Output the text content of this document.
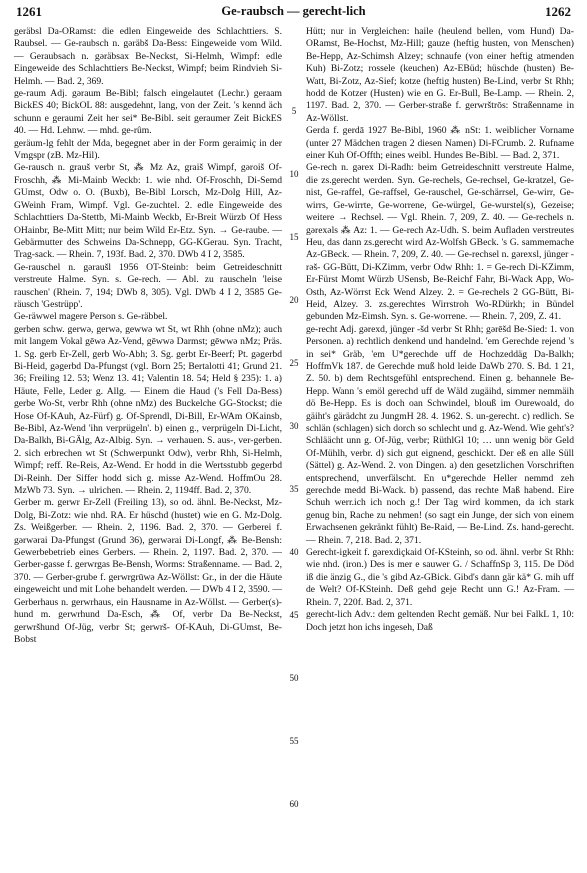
1261	Ge-raubsch — gerecht-lich	1262

geräbsl Da-ORamst: die edlen Eingeweide des Schlachttiers. S. Raubsel. — Ge-raubsch n. gəräbš Da-Bess: Eingeweide vom Wild. — Geraubsach n. gəräbsax Be-Neckst, Si-Helmh, Wimpf: edle Eingeweide des Schlachttiers Be-Neckst, Wimpf; beim Rindvieh Si-Helmh. — Bad. 2, 369.

ge-raum Adj. gəraum Be-Bibl; falsch eingelautet (Lechr.) geraam BickES 40; BickOL 88: ausgedehnt, lang, von der Zeit. 's kennd äch schunn e geraumi Zeit her sei* Be-Bibl. seit geraumer Zeit BickES 40. — Hd. Lehnw. — mhd. ge-rûm.

geräum-lg fehlt der Mda, begegnet aber in der Form geraimiç in der Vmgspr (zB. Mz-Hil).

Ge-rausch n. grauš verbr St, ⁂ Mz Az, graiš Wimpf, gəroiš Of-Froschh, ⁂ Mi-Mainb Weckb: 1. wie nhd. Of-Froschh, Di-Semd GUmst, Odw o. O. (Buxb), Be-Bibl Lorsch, Mz-Dolg Hill, Az-GWeinh Fram, Wimpf. Vgl. Ge-zuchtel. 2. edle Eingeweide des Schlachttiers Da-Stettb, Mi-Mainb Weckb, Er-Breit Würzb Of Hess OHainbr, Be-Mitt Mitt; nur beim Wild Er-Etz. Syn. → Ge-raube. — Gebärmutter des Schweins Da-Schnepp, GG-KGerau. Syn. Tracht, Trag-sack. — Rhein. 7, 193f. Bad. 2, 370. DWb 4 I 2, 3585.

Ge-rauschel n. gəraušl 1956 OT-Steinb: beim Getreideschnitt verstreute Halme. Syn. s. Ge-rech. — Abl. zu rauscheln 'leise rauschen' (Rhein. 7, 194; DWb 8, 305). Vgl. DWb 4 I 2, 3585 Ge-räusch 'Gestrüpp'.

Ge-räwwel magere Person s. Ge-räbbel.

gerben schw. gerwə, gerwə, gewwə wt St, wt Rhh (ohne nMz); auch mit langem Vokal gēwə Az-Vend, gēwwə Darmst; gēwwə nMz; Präs. 1. Sg. gerb Er-Zell, gerb Wo-Abh; 3. Sg. gerbt Er-Beerf; Pt. gəgerbd Bi-Heid, gəgerbd Da-Pfungst (vgl. Born 25; Bertalotti 41; Grund 21. 36; Freiling 12. 53; Wenz 13. 41; Valentin 18. 54; Held § 235): 1. a) Häute, Felle, Leder g. Allg. — Einem die Haud ('s Fell Da-Bess) gerbe Wo-St, verbr Rhh (ohne nMz) des Buckelche GG-Stockst; die Hose Of-KAuh, Az-Fürf) g. Of-Sprendl, Di-Bill, Er-WAm OKainsb, Be-Bibl, Az-Wend 'ihn verprügeln'. b) einen g., verprügeln Di-Licht, Da-Balkh, Bi-GÄlg, Az-Albig. Syn. → verhauen. S. aus-, ver-gerben. 2. sich erbrechen wt St (Schwerpunkt Odw), verbr Rhh, Si-Helmh, Wimpf; reff. Re-Reis, Az-Wend. Er hodd in die Wertsstubb gegerbd Di-Reinh. Der Siffer hodd sich g. misse Az-Wend. HoffmOu 28. MzWb 73. Syn. → ulrichen. — Rhein. 2, 1194ff. Bad. 2, 370.

Gerber m. gerwr Er-Zell (Freiling 13), so od. ähnl. Be-Neckst, Mz-Dolg, Bi-Zotz: wie nhd. RA. Er hüschd (hustet) wie en G. Mz-Dolg. Zs. Weißgerber. — Rhein. 2, 1196. Bad. 2, 370. — Gerberei f. gərwərai Da-Pfungst (Grund 36), gerwərai Di-Longf, ⁂ Be-Bensh: Gewerbebetrieb eines Gerbers. — Rhein. 2, 1197. Bad. 2, 370. — Gerber-gasse f. gerwrgas Be-Bensh, Worms: Straßenname. — Bad. 2, 370. — Gerber-grube f. gerwrgrūwə Az-Wöllst: Gr., in der die Häute eingeweicht und mit Lohe behandelt werden. — DWb 4 I 2, 3590. — Gerberhaus n. gerwrhaus, ein Hausname in Az-Wöllst. — Gerber(s)-hund m. gerwrhund Da-Esch, ⁂ Of, verbr Da Be-Neckst, gerwršhund Of-Jüg, verbr St; gerwrš- Of-KAuh, Di-GUmst, Be-Bobst

5
10
15
20
25
30
35
40
45
50
55
60

Hütt; nur in Vergleichen: haile (heulend bellen, vom Hund) Da-ORamst, Be-Hochst, Mz-Hill; gauze (heftig husten, von Menschen) Be-Hepp, Az-Schimsh Alzey; schnaufe (von einer heftig atmenden Kuh) Bi-Zotz; rossele (keuchen) Az-EBüd; hüschde (husten) Be-Watt, Bi-Zotz, Az-Sief; kotze (heftig husten) Be-Lind, verbr St Rhh; hodd de Kotzer (Husten) wie en G. Er-Bull, Be-Lamp. — Rhein. 2, 1197. Bad. 2, 370. — Gerber-straße f. gerwrštrōs: Straßenname in Az-Wöllst.

Gerda f. gerdā 1927 Be-Bibl, 1960 ⁂ nSt: 1. weiblicher Vorname (unter 27 Mädchen tragen 2 diesen Namen) Di-FCrumb. 2. Rufname einer Kuh Of-Offth; eines weibl. Hundes Be-Bibl. — Bad. 2, 371.

Ge-rech n. gərex Di-Radh: beim Getreideschnitt verstreute Halme, die zs.gerecht werden. Syn. Ge-rechels, Ge-rechsel, Ge-kratzel, Ge-nist, Ge-raffel, Ge-raffsel, Ge-rauschel, Ge-schärrsel, Ge-wirr, Ge-wirrs, Ge-wirrte, Ge-worrene, Ge-würgel, Ge-wurstel(s), Gezeise; weitere → Rechsel. — Vgl. Rhein. 7, 209, Z. 40. — Ge-rechels n. gərexəls ⁂ Az: 1. — Ge-rech Az-Udh. S. beim Aufladen verstreutes Heu, das dann zs.gerecht wird Az-Wolfsh GBeck. 's G. sammemache Az-GBeck. — Rhein. 7, 209, Z. 40. — Ge-rechsel n. gərexsl, jünger -rəš- GG-Bütt, Di-KZimm, verbr Odw Rhh: 1. = Ge-rech Di-KZimm, Er-Fürst Momt Würzb USensb, Be-Reichf Fahr, Bi-Wack App, Wo-Osth, Az-Wörrst Eck Wend Alzey. 2. = Ge-rechels 2 GG-Bütt, Bi-Heid, Alzey. 3. zs.gerechtes Wirrstroh Wo-RDürkh; in Bündel gebunden Mz-Eimsh. Syn. s. Ge-worrene. — Rhein. 7, 209, Z. 41.

ge-recht Adj. gərexd, jünger -šd verbr St Rhh; gərēšd Be-Sied: 1. von Personen. a) rechtlich denkend und handelnd. 'em Gerechde rejend 's in sei* Gräb, 'em U*gerechde uff de Hochzeddäg Da-Balkh; HoffmVk 187. de Gerechde muß hold leide DaWb 270. S. Bd. 1 21, Z. 50. b) dem Rechtsgefühl entsprechend. Einen g. behannele Be-Hepp. Wann 's emöl gerechd uff de Wäld zugäihd, simmer nemmäih dö Be-Hepp. Es is doch oan Schwindel, blouß im Ourewoald, do gäiht's gärädcht zu JungmH 28. 4. 1962. S. un-gerecht. c) redlich. Se schlän (schlagen) sich dorch so schlecht und g. Az-Wend. Wie geht's? Schläächt unn g. Of-Jüg, verbr; RüthlGl 10; … unn wenig bör Geld Of-Mühlh, verbr. d) sich gut eignend, geschickt. Der eß en alle Süll (Sättel) g. Az-Wend. 2. von Dingen. a) den gesetzlichen Vorschriften entsprechend, unverfälscht. En u*gerechde Heller nemmd zeh gerechde medd Bi-Wack. b) passend, das rechte Maß habend. Eire Schuh werr.ich ich noch g.! Der Tag wird kommen, da ich stark genug bin, Rache zu nehmen! (so sagt ein Junge, der sich von einem Erwachsenen gekränkt fühlt) Be-Raid, — Be-Lind. Zs. hand-gerecht. — Rhein. 7, 218. Bad. 2, 371.

Gerecht-igkeit f. gərexdiçkaid Of-KSteinh, so od. ähnl. verbr St Rhh: wie nhd. (iron.) Des is mer e sauwer G. / SchaffnSp 3, 115. De Död iß die änzig G., die 's gibd Az-GBick. Gibd's dann gär kä* G. mih uff de Welt? Of-KSteinh. Deß gehd geje Recht unn G.! Az-Fram. — Rhein. 7, 220f. Bad. 2, 371.

gerecht-lich Adv.: dem geltenden Recht gemäß. Nur bei FalkL 1, 10: Doch jetzt hon ichs ingeseh, Daß
